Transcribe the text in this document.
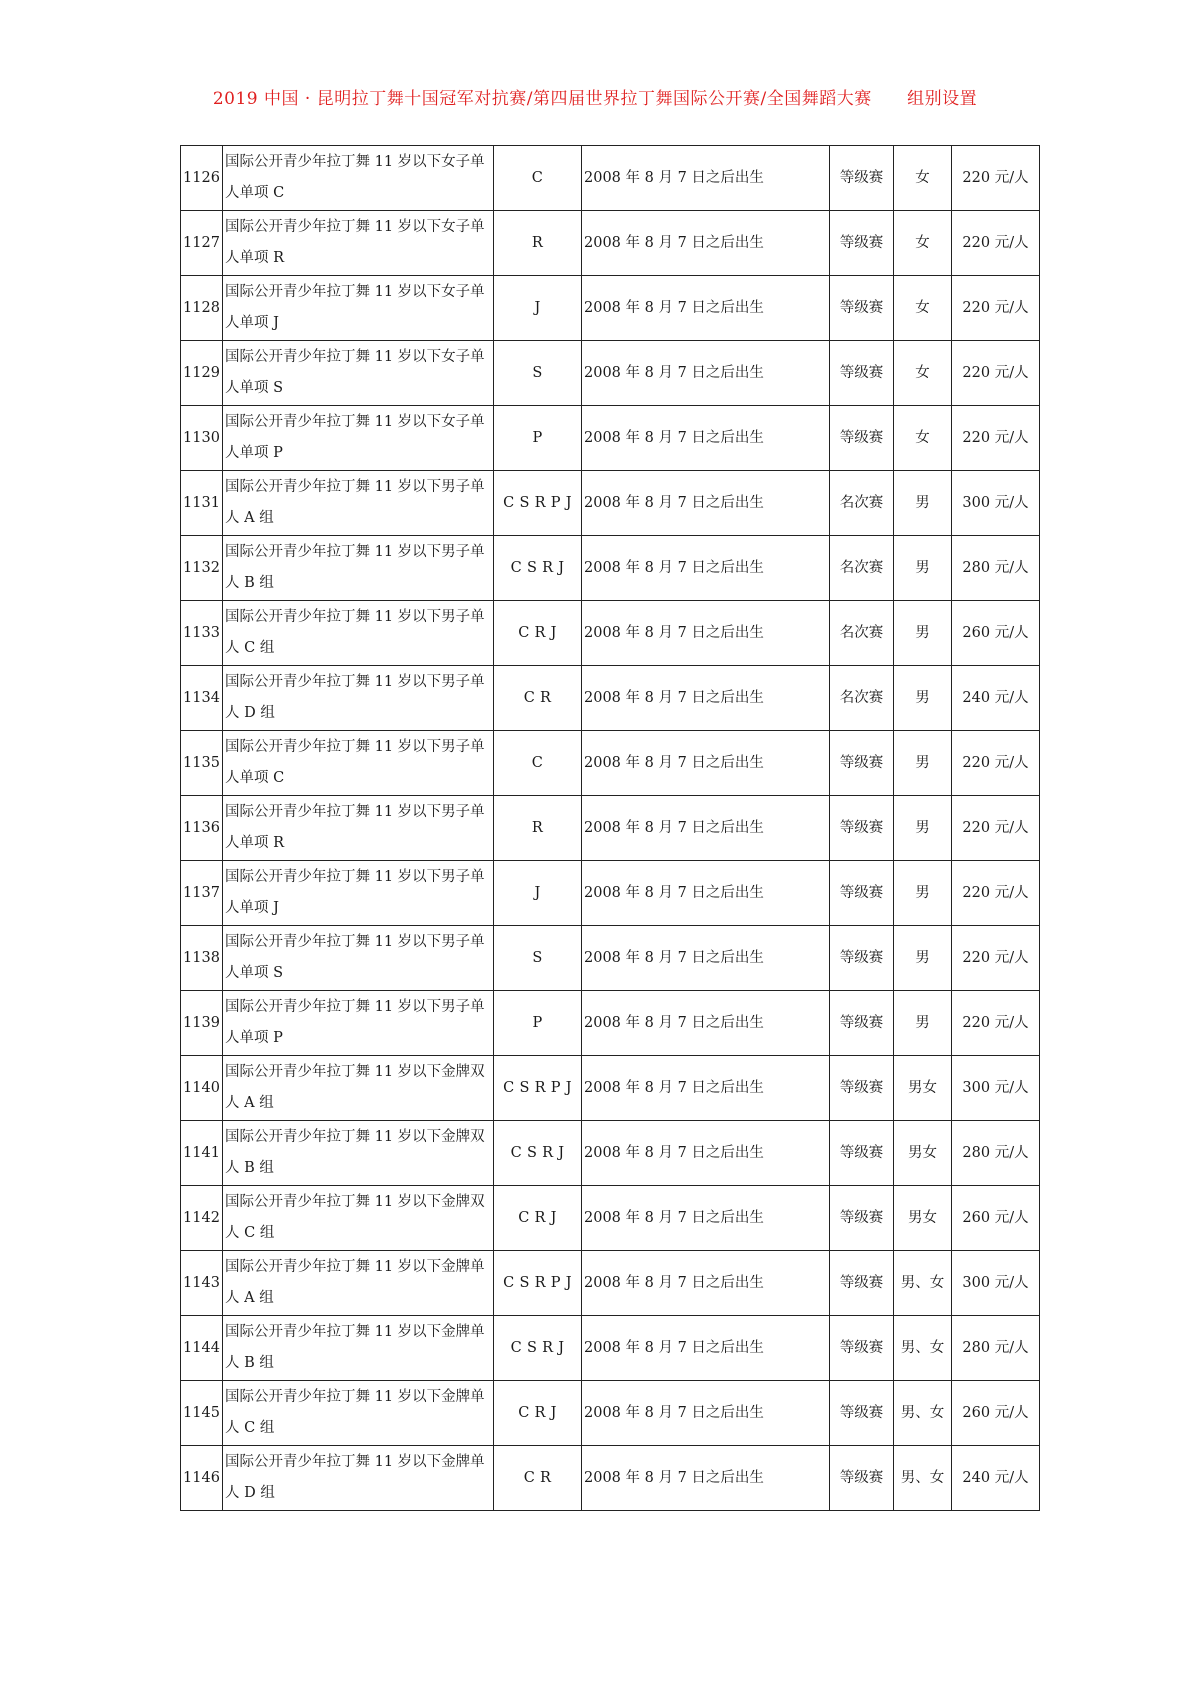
2019 中国 · 昆明拉丁舞十国冠军对抗赛/第四届世界拉丁舞国际公开赛/全国舞蹈大赛      组别设置
1126	国际公开青少年拉丁舞 11 岁以下女子单人单项 C	C	2008 年 8 月 7 日之后出生	等级赛	女	220 元/人
1127	国际公开青少年拉丁舞 11 岁以下女子单人单项 R	R	2008 年 8 月 7 日之后出生	等级赛	女	220 元/人
1128	国际公开青少年拉丁舞 11 岁以下女子单人单项 J	J	2008 年 8 月 7 日之后出生	等级赛	女	220 元/人
1129	国际公开青少年拉丁舞 11 岁以下女子单人单项 S	S	2008 年 8 月 7 日之后出生	等级赛	女	220 元/人
1130	国际公开青少年拉丁舞 11 岁以下女子单人单项 P	P	2008 年 8 月 7 日之后出生	等级赛	女	220 元/人
1131	国际公开青少年拉丁舞 11 岁以下男子单人 A 组	C S R P J	2008 年 8 月 7 日之后出生	名次赛	男	300 元/人
1132	国际公开青少年拉丁舞 11 岁以下男子单人 B 组	C S R J	2008 年 8 月 7 日之后出生	名次赛	男	280 元/人
1133	国际公开青少年拉丁舞 11 岁以下男子单人 C 组	C R J	2008 年 8 月 7 日之后出生	名次赛	男	260 元/人
1134	国际公开青少年拉丁舞 11 岁以下男子单人 D 组	C R	2008 年 8 月 7 日之后出生	名次赛	男	240 元/人
1135	国际公开青少年拉丁舞 11 岁以下男子单人单项 C	C	2008 年 8 月 7 日之后出生	等级赛	男	220 元/人
1136	国际公开青少年拉丁舞 11 岁以下男子单人单项 R	R	2008 年 8 月 7 日之后出生	等级赛	男	220 元/人
1137	国际公开青少年拉丁舞 11 岁以下男子单人单项 J	J	2008 年 8 月 7 日之后出生	等级赛	男	220 元/人
1138	国际公开青少年拉丁舞 11 岁以下男子单人单项 S	S	2008 年 8 月 7 日之后出生	等级赛	男	220 元/人
1139	国际公开青少年拉丁舞 11 岁以下男子单人单项 P	P	2008 年 8 月 7 日之后出生	等级赛	男	220 元/人
1140	国际公开青少年拉丁舞 11 岁以下金牌双人 A 组	C S R P J	2008 年 8 月 7 日之后出生	等级赛	男女	300 元/人
1141	国际公开青少年拉丁舞 11 岁以下金牌双人 B 组	C S R J	2008 年 8 月 7 日之后出生	等级赛	男女	280 元/人
1142	国际公开青少年拉丁舞 11 岁以下金牌双人 C 组	C R J	2008 年 8 月 7 日之后出生	等级赛	男女	260 元/人
1143	国际公开青少年拉丁舞 11 岁以下金牌单人 A 组	C S R P J	2008 年 8 月 7 日之后出生	等级赛	男、女	300 元/人
1144	国际公开青少年拉丁舞 11 岁以下金牌单人 B 组	C S R J	2008 年 8 月 7 日之后出生	等级赛	男、女	280 元/人
1145	国际公开青少年拉丁舞 11 岁以下金牌单人 C 组	C R J	2008 年 8 月 7 日之后出生	等级赛	男、女	260 元/人
1146	国际公开青少年拉丁舞 11 岁以下金牌单人 D 组	C R	2008 年 8 月 7 日之后出生	等级赛	男、女	240 元/人
